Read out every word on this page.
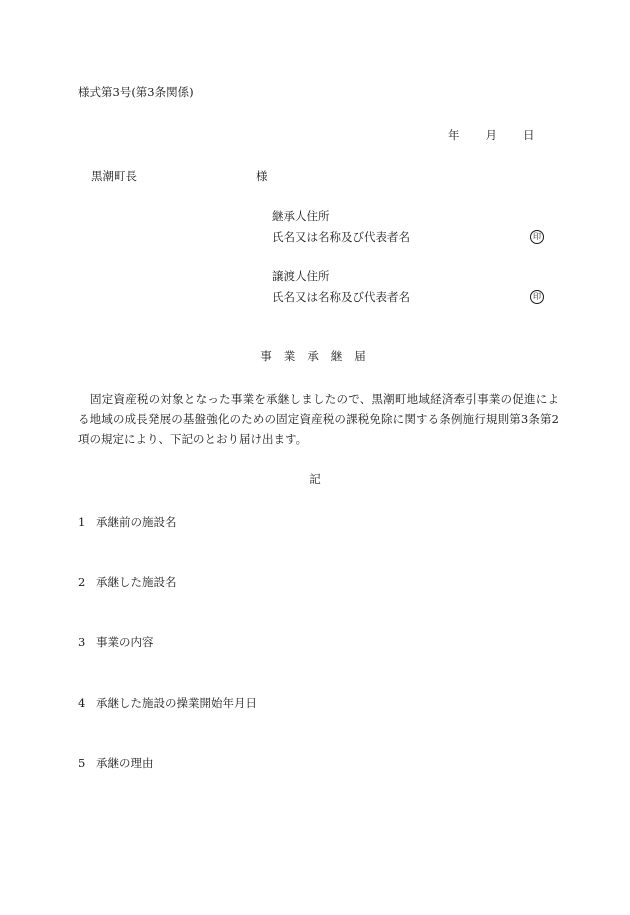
様式第3号(第3条関係)
年 月 日
黒潮町長	様
継承人住所
氏名又は名称及び代表者名	印
譲渡人住所
氏名又は名称及び代表者名	印
事業承継届
固定資産税の対象となった事業を承継しましたので、黒潮町地域経済牽引事業の促進による地域の成長発展の基盤強化のための固定資産税の課税免除に関する条例施行規則第3条第2項の規定により、下記のとおり届け出ます。
記
1 承継前の施設名
2 承継した施設名
3 事業の内容
4 承継した施設の操業開始年月日
5 承継の理由
